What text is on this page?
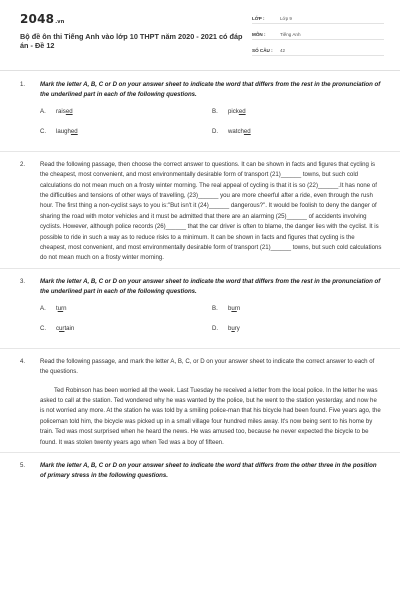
2048.vn
Bộ đề ôn thi Tiếng Anh vào lớp 10 THPT năm 2020 - 2021 có đáp án - Đề 12
LỚP :	Lớp 9
MÔN :	Tiếng Anh
SỐ CÂU :	42
1. Mark the letter A, B, C or D on your answer sheet to indicate the word that differs from the rest in the pronunciation of the underlined part in each of the following questions.
A.	raised	B.	picked
C.	laughed	D.	watched
2. Read the following passage, then choose the correct answer to questions. It can be shown in facts and figures that cycling is the cheapest, most convenient, and most environmentally desirable form of transport (21)______ towns, but such cold calculations do not mean much on a frosty winter morning. The real appeal of cycling is that it is so (22)______.It has none of the difficulties and tensions of other ways of travelling, (23)______ you are more cheerful after a ride, even through the rush hour. The first thing a non-cyclist says to you is:"But isn't it (24)______ dangerous?". It would be foolish to deny the danger of sharing the road with motor vehicles and it must be admitted that there are an alarming (25)______ of accidents involving cyclists. However, although police records (26)______ that the car driver is often to blame, the danger lies with the cyclist. It is possible to ride in such a way as to reduce risks to a minimum. It can be shown in facts and figures that cycling is the cheapest, most convenient, and most environmentally desirable form of transport (21)______ towns, but such cold calculations do not mean much on a frosty winter morning.
3. Mark the letter A, B, C or D on your answer sheet to indicate the word that differs from the rest in the pronunciation of the underlined part in each of the following questions.
A.	turn	B.	burn
C.	curtain	D.	bury
4. Read the following passage, and mark the letter A, B, C, or D on your answer sheet to indicate the correct answer to each of the questions.
Ted Robinson has been worried all the week. Last Tuesday he received a letter from the local police. In the letter he was asked to call at the station. Ted wondered why he was wanted by the police, but he went to the station yesterday, and now he is not worried any more. At the station he was told by a smiling police-man that his bicycle had been found. Five years ago, the policeman told him, the bicycle was picked up in a small village four hundred miles away. It's now being sent to his home by train. Ted was most surprised when he heard the news. He was amused too, because he never expected the bicycle to be found. It was stolen twenty years ago when Ted was a boy of fifteen.
5. Mark the letter A, B, C or D on your answer sheet to indicate the word that differs from the other three in the position of primary stress in the following questions.
